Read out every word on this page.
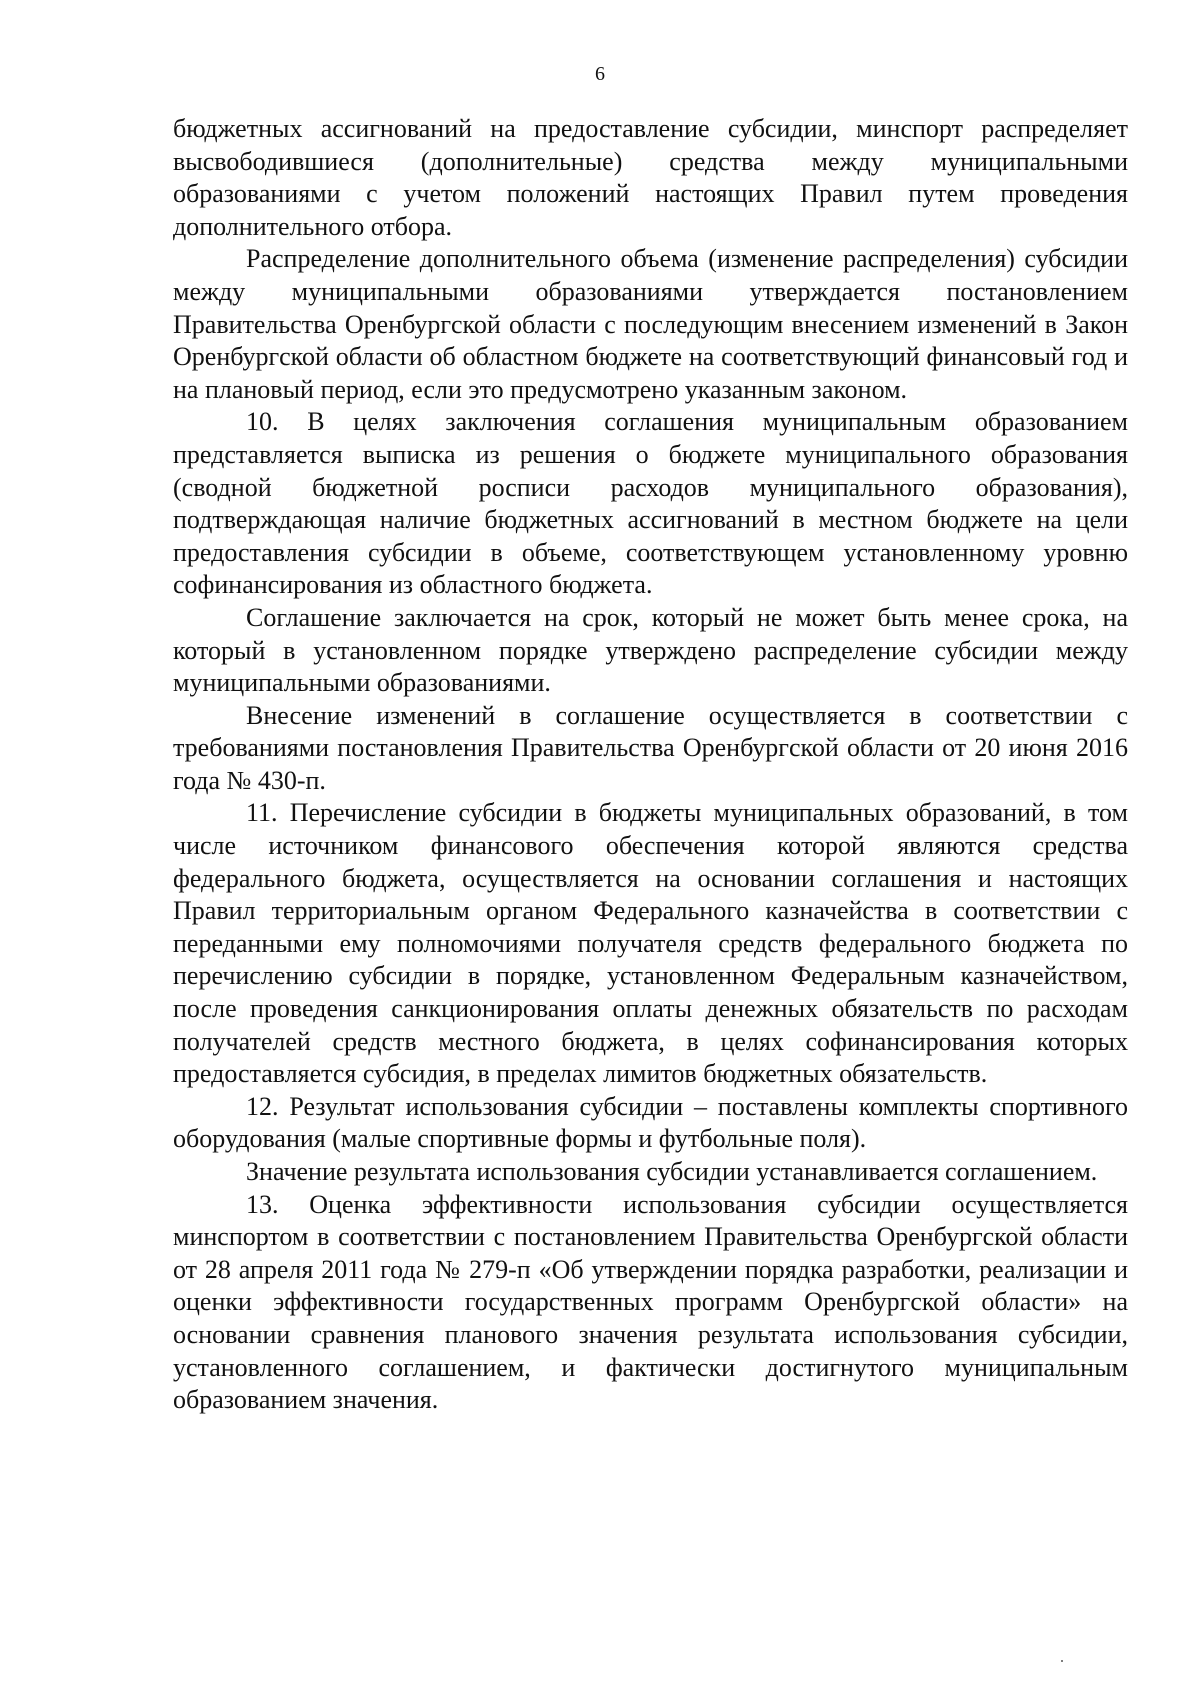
6

бюджетных ассигнований на предоставление субсидии, минспорт распределяет высвободившиеся (дополнительные) средства между муниципальными образованиями с учетом положений настоящих Правил путем проведения дополнительного отбора.

Распределение дополнительного объема (изменение распределения) субсидии между муниципальными образованиями утверждается постановлением Правительства Оренбургской области с последующим внесением изменений в Закон Оренбургской области об областном бюджете на соответствующий финансовый год и на плановый период, если это предусмотрено указанным законом.

10. В целях заключения соглашения муниципальным образованием представляется выписка из решения о бюджете муниципального образования (сводной бюджетной росписи расходов муниципального образования), подтверждающая наличие бюджетных ассигнований в местном бюджете на цели предоставления субсидии в объеме, соответствующем установленному уровню софинансирования из областного бюджета.

Соглашение заключается на срок, который не может быть менее срока, на который в установленном порядке утверждено распределение субсидии между муниципальными образованиями.

Внесение изменений в соглашение осуществляется в соответствии с требованиями постановления Правительства Оренбургской области от 20 июня 2016 года № 430-п.

11. Перечисление субсидии в бюджеты муниципальных образований, в том числе источником финансового обеспечения которой являются средства федерального бюджета, осуществляется на основании соглашения и настоящих Правил территориальным органом Федерального казначейства в соответствии с переданными ему полномочиями получателя средств федерального бюджета по перечислению субсидии в порядке, установленном Федеральным казначейством, после проведения санкционирования оплаты денежных обязательств по расходам получателей средств местного бюджета, в целях софинансирования которых предоставляется субсидия, в пределах лимитов бюджетных обязательств.

12. Результат использования субсидии – поставлены комплекты спортивного оборудования (малые спортивные формы и футбольные поля).

Значение результата использования субсидии устанавливается соглашением.

13. Оценка эффективности использования субсидии осуществляется минспортом в соответствии с постановлением Правительства Оренбургской области от 28 апреля 2011 года № 279-п «Об утверждении порядка разработки, реализации и оценки эффективности государственных программ Оренбургской области» на основании сравнения планового значения результата использования субсидии, установленного соглашением, и фактически достигнутого муниципальным образованием значения.
